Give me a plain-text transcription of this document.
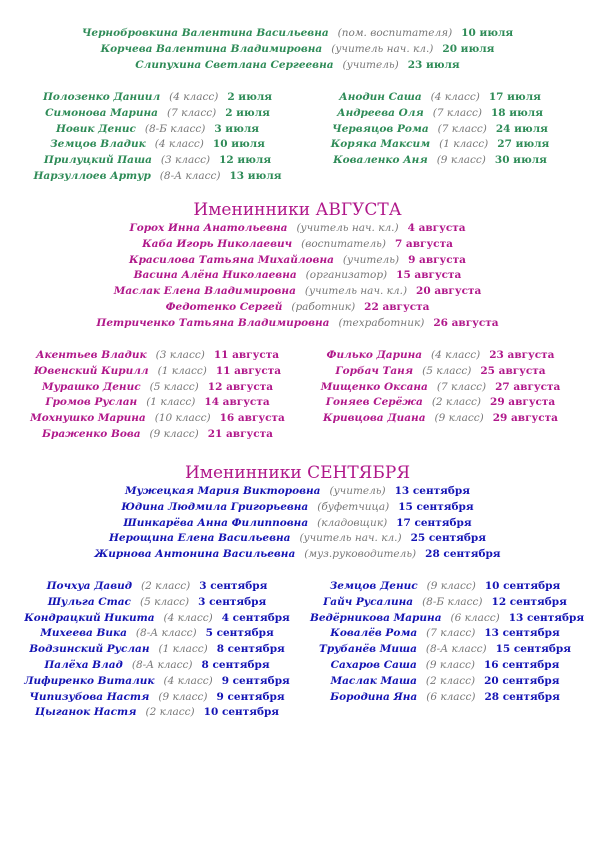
Чернобровкина Валентина Васильевна (пом. воспитателя) 10 июля
Корчева Валентина Владимировна (учитель нач. кл.) 20 июля
Слипухина Светлана Сергеевна (учитель) 23 июля
Полозенко Даниил (4 класс) 2 июля
Симонова Марина (7 класс) 2 июля
Новик Денис (8-Б класс) 3 июля
Земцов Владик (4 класс) 10 июля
Прилуцкий Паша (3 класс) 12 июля
Нарзуллоев Артур (8-А класс) 13 июля
Анодин Саша (4 класс) 17 июля
Андреева Оля (7 класс) 18 июля
Червяцов Рома (7 класс) 24 июля
Коряка Максим (1 класс) 27 июля
Коваленко Аня (9 класс) 30 июля
Именинники АВГУСТА
Горох Инна Анатольевна (учитель нач. кл.) 4 августа
Каба Игорь Николаевич (воспитатель) 7 августа
Красилова Татьяна Михайловна (учитель) 9 августа
Васина Алёна Николаевна (организатор) 15 августа
Маслак Елена Владимировна (учитель нач. кл.) 20 августа
Федотенко Сергей (работник) 22 августа
Петриченко Татьяна Владимировна (техработник) 26 августа
Акентьев Владик (3 класс) 11 августа
Ювенский Кирилл (1 класс) 11 августа
Мурашко Денис (5 класс) 12 августа
Громов Руслан (1 класс) 14 августа
Мохнушко Марина (10 класс) 16 августа
Браженко Вова (9 класс) 21 августа
Филько Дарина (4 класс) 23 августа
Горбач Таня (5 класс) 25 августа
Мищенко Оксана (7 класс) 27 августа
Гоняев Серёжа (2 класс) 29 августа
Кривцова Диана (9 класс) 29 августа
Именинники СЕНТЯБРЯ
Мужецкая Мария Викторовна (учитель) 13 сентября
Юдина Людмила Григорьевна (буфетчица) 15 сентября
Шинкарёва Анна Филипповна (кладовщик) 17 сентября
Нерощина Елена Васильевна (учитель нач. кл.) 25 сентября
Жирнова Антонина Васильевна (муз.руководитель) 28 сентября
Почхуа Давид (2 класс) 3 сентября
Шульга Стас (5 класс) 3 сентября
Кондрацкий Никита (4 класс) 4 сентября
Михеева Вика (8-А класс) 5 сентября
Водзинский Руслан (1 класс) 8 сентября
Палёха Влад (8-А класс) 8 сентября
Лифиренко Виталик (4 класс) 9 сентября
Чипизубова Настя (9 класс) 9 сентября
Цыганок Настя (2 класс) 10 сентября
Земцов Денис (9 класс) 10 сентября
Гайч Русалина (8-Б класс) 12 сентября
Ведёрникова Марина (6 класс) 13 сентября
Ковалёв Рома (7 класс) 13 сентября
Трубанёв Миша (8-А класс) 15 сентября
Сахаров Саша (9 класс) 16 сентября
Маслак Маша (2 класс) 20 сентября
Бородина Яна (6 класс) 28 сентября
